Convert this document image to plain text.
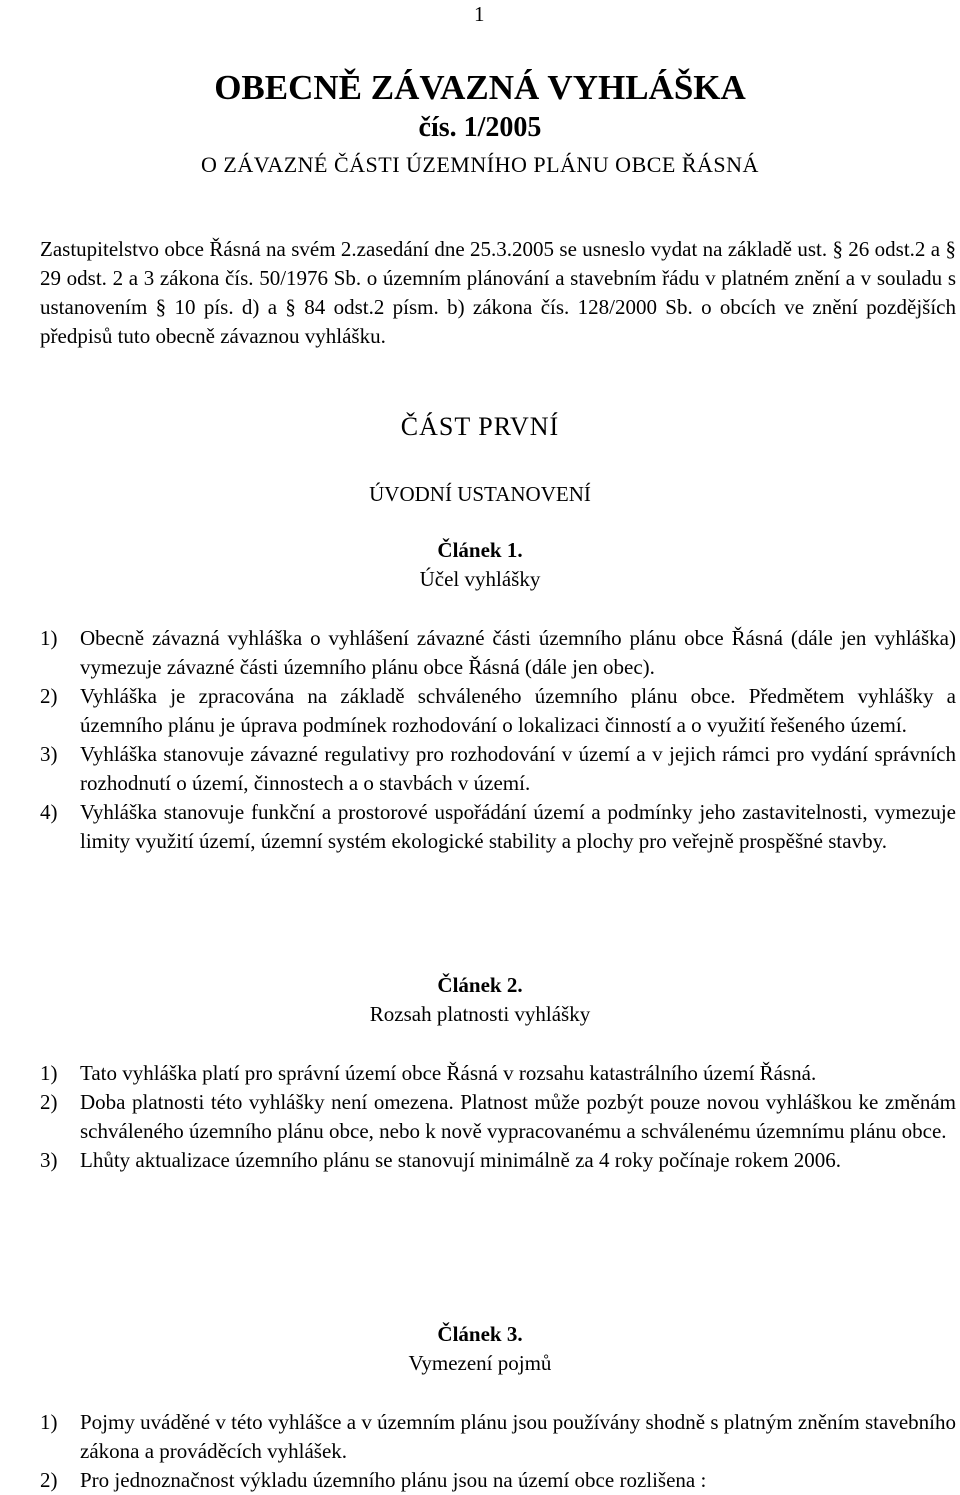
1
OBECNĚ ZÁVAZNÁ VYHLÁŠKA
čís. 1/2005
O ZÁVAZNÉ ČÁSTI ÚZEMNÍHO PLÁNU OBCE ŘÁSNÁ

Zastupitelstvo obce Řásná na svém 2.zasedání dne 25.3.2005 se usneslo vydat na základě ust. § 26 odst.2 a § 29 odst. 2 a 3 zákona čís. 50/1976 Sb. o územním plánování a stavebním řádu v platném znění a v souladu s ustanovením § 10 pís. d) a § 84 odst.2 písm. b) zákona čís. 128/2000 Sb. o obcích ve znění pozdějších předpisů tuto obecně závaznou vyhlášku.

ČÁST PRVNÍ
ÚVODNÍ USTANOVENÍ
Článek 1.
Účel vyhlášky
1) Obecně závazná vyhláška o vyhlášení závazné části územního plánu obce Řásná (dále jen vyhláška) vymezuje závazné části územního plánu obce Řásná (dále jen obec).
2) Vyhláška je zpracována na základě schváleného územního plánu obce. Předmětem vyhlášky a územního plánu je úprava podmínek rozhodování o lokalizaci činností a o využití řešeného území.
3) Vyhláška stanovuje závazné regulativy pro rozhodování v území a v jejich rámci pro vydání správních rozhodnutí o území, činnostech a o stavbách v území.
4) Vyhláška stanovuje funkční a prostorové uspořádání území a podmínky jeho zastavitelnosti, vymezuje limity využití území, územní systém ekologické stability a plochy pro veřejně prospěšné stavby.
Článek 2.
Rozsah platnosti vyhlášky
1) Tato vyhláška platí pro správní území obce Řásná v rozsahu katastrálního území Řásná.
2) Doba platnosti této vyhlášky není omezena. Platnost může pozbýt pouze novou vyhláškou ke změnám schváleného územního plánu obce, nebo k nově vypracovanému a schválenému územnímu plánu obce.
3) Lhůty aktualizace územního plánu se stanovují minimálně za 4 roky počínaje rokem 2006.
Článek 3.
Vymezení pojmů
1) Pojmy uváděné v této vyhlášce a v územním plánu jsou používány shodně s platným zněním stavebního zákona a prováděcích vyhlášek.
2) Pro jednoznačnost výkladu územního plánu jsou na území obce rozlišena :
